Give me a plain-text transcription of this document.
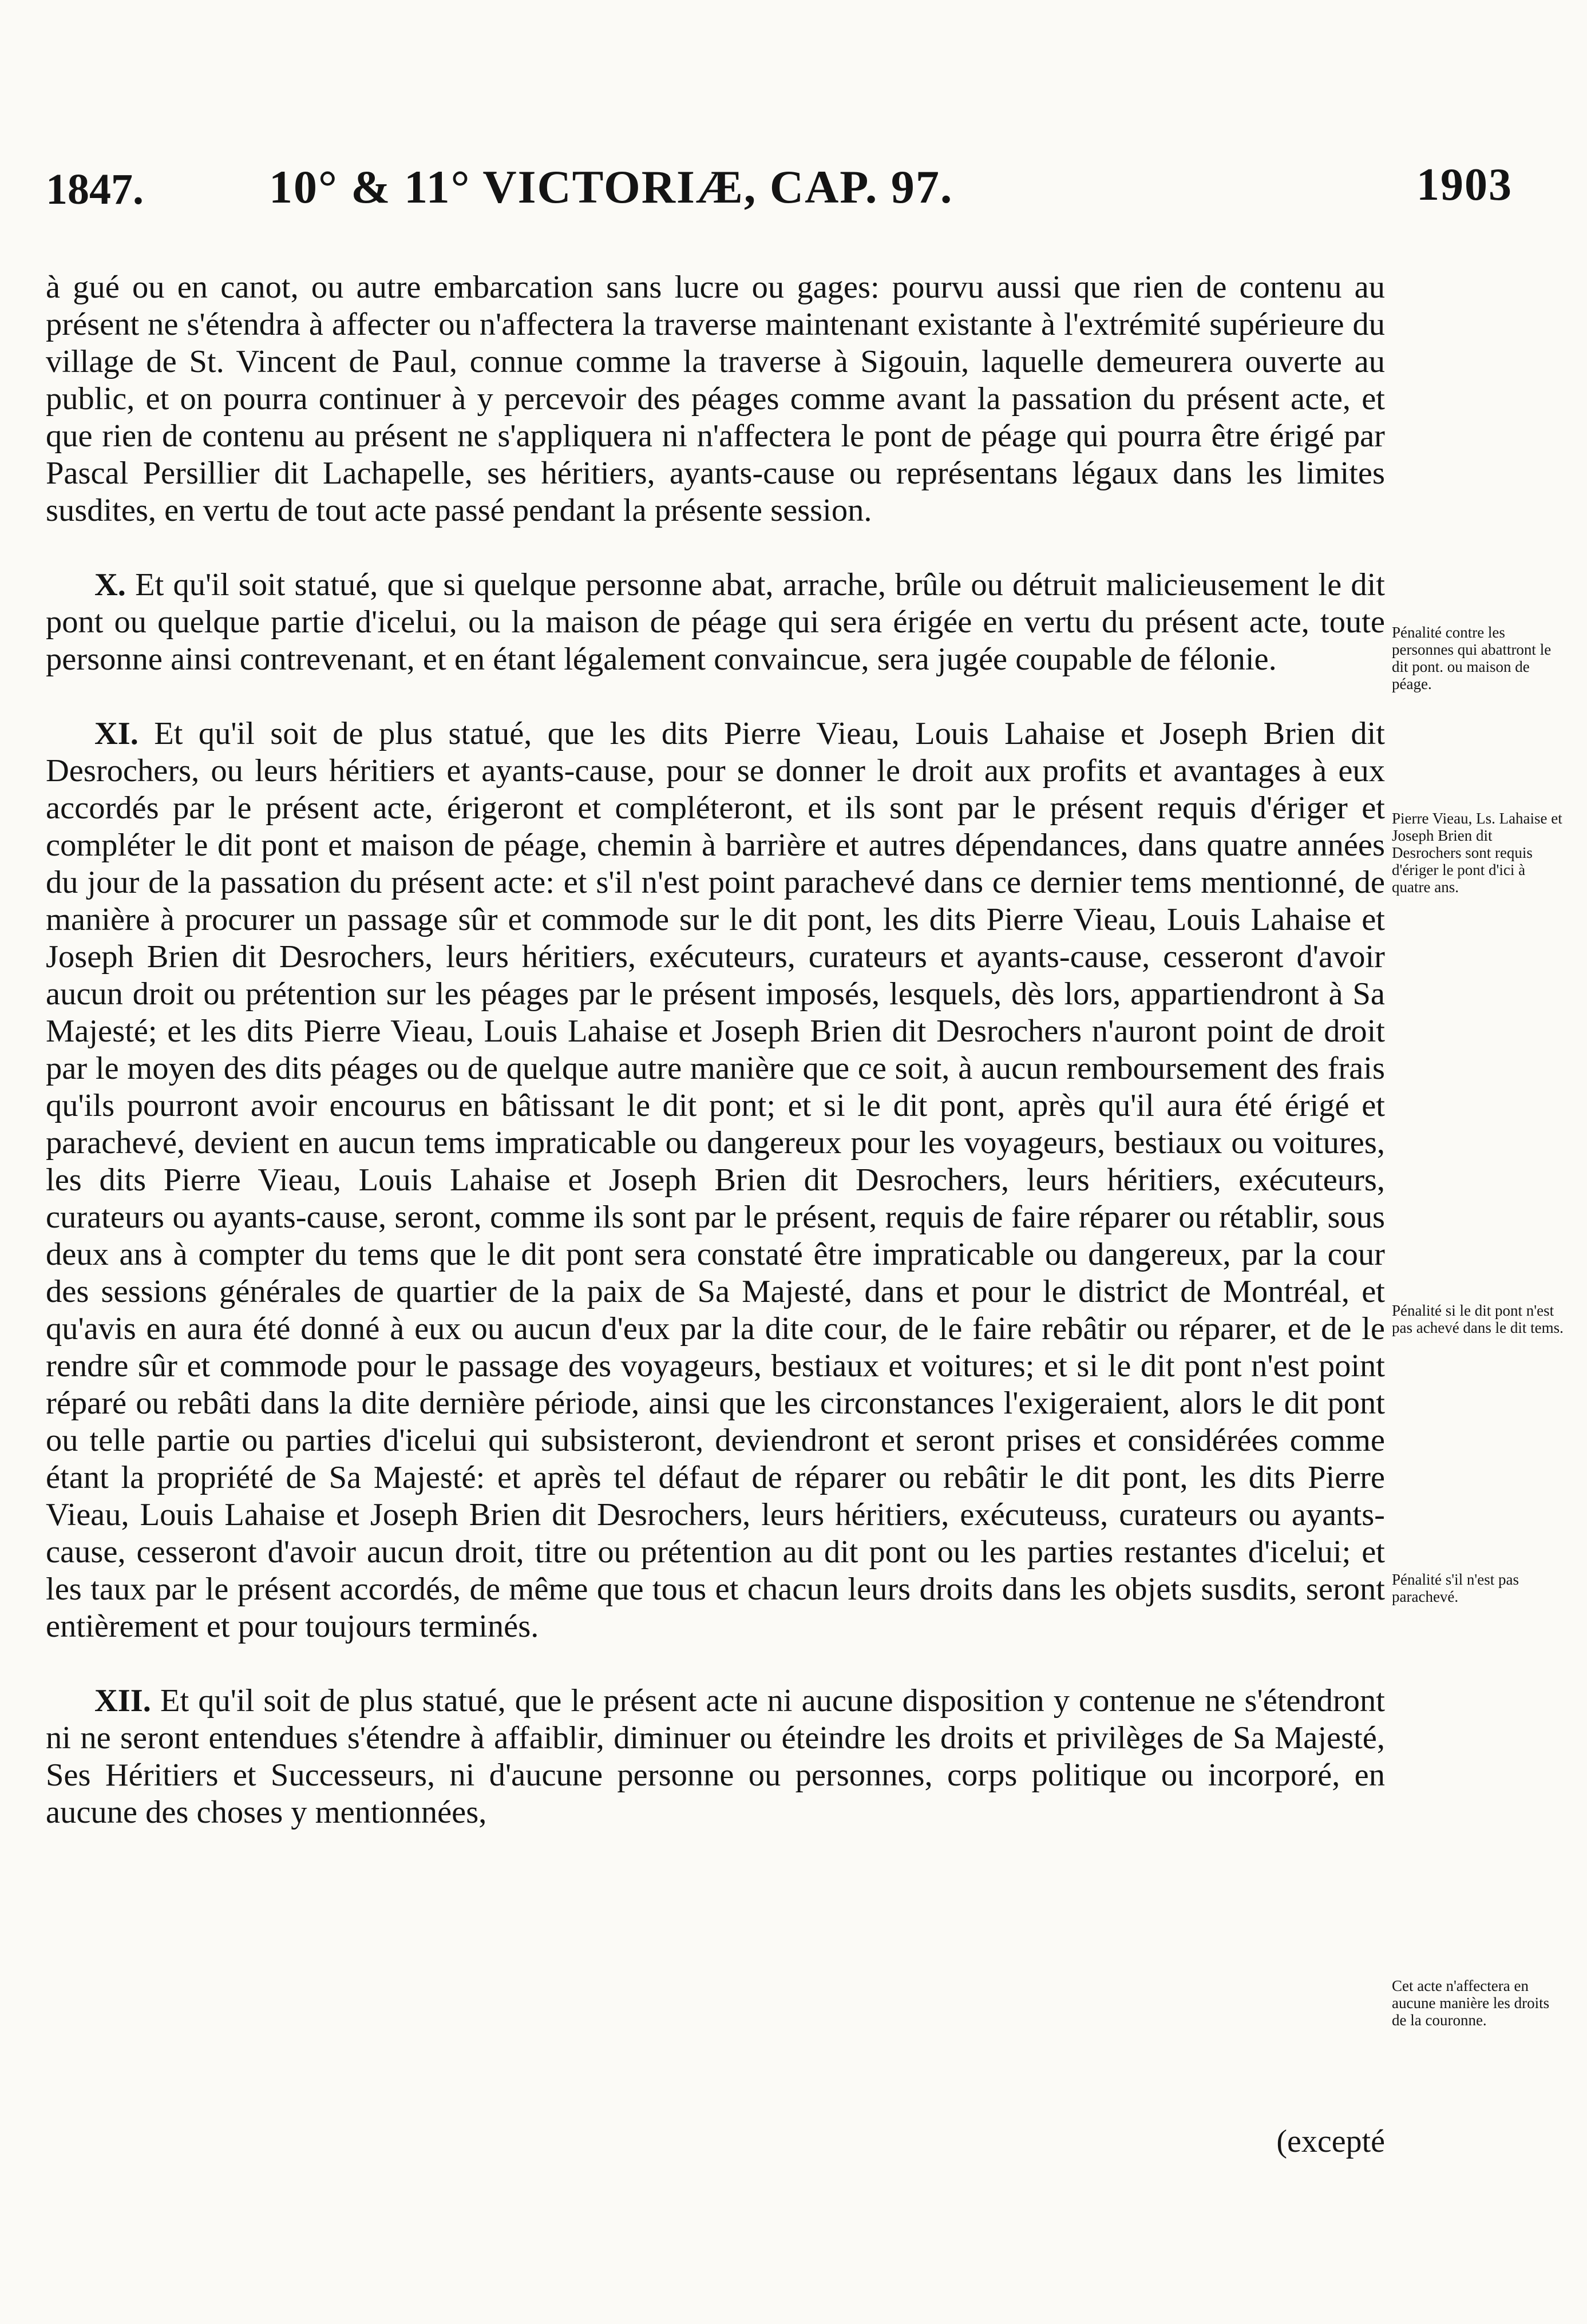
1847.	10° & 11° VICTORIÆ, CAP. 97.	1903

à gué ou en canot, ou autre embarcation sans lucre ou gages: pourvu aussi que rien de contenu au présent ne s'étendra à affecter ou n'affectera la traverse maintenant existante à l'extrémité supérieure du village de St. Vincent de Paul, connue comme la traverse à Sigouin, laquelle demeurera ouverte au public, et on pourra continuer à y percevoir des péages comme avant la passation du présent acte, et que rien de contenu au présent ne s'appliquera ni n'affectera le pont de péage qui pourra être érigé par Pascal Persillier dit Lachapelle, ses héritiers, ayants-cause ou représentans légaux dans les limites susdites, en vertu de tout acte passé pendant la présente session.

X. Et qu'il soit statué, que si quelque personne abat, arrache, brûle ou détruit malicieusement le dit pont ou quelque partie d'icelui, ou la maison de péage qui sera érigée en vertu du présent acte, toute personne ainsi contrevenant, et en étant légalement convaincue, sera jugée coupable de félonie.

XI. Et qu'il soit de plus statué, que les dits Pierre Vieau, Louis Lahaise et Joseph Brien dit Desrochers, ou leurs héritiers et ayants-cause, pour se donner le droit aux profits et avantages à eux accordés par le présent acte, érigeront et compléteront, et ils sont par le présent requis d'ériger et compléter le dit pont et maison de péage, chemin à barrière et autres dépendances, dans quatre années du jour de la passation du présent acte: et s'il n'est point parachevé dans ce dernier tems mentionné, de manière à procurer un passage sûr et commode sur le dit pont, les dits Pierre Vieau, Louis Lahaise et Joseph Brien dit Desrochers, leurs héritiers, exécuteurs, curateurs et ayants-cause, cesseront d'avoir aucun droit ou prétention sur les péages par le présent imposés, lesquels, dès lors, appartiendront à Sa Majesté; et les dits Pierre Vieau, Louis Lahaise et Joseph Brien dit Desrochers n'auront point de droit par le moyen des dits péages ou de quelque autre manière que ce soit, à aucun remboursement des frais qu'ils pourront avoir encourus en bâtissant le dit pont; et si le dit pont, après qu'il aura été érigé et parachevé, devient en aucun tems impraticable ou dangereux pour les voyageurs, bestiaux ou voitures, les dits Pierre Vieau, Louis Lahaise et Joseph Brien dit Desrochers, leurs héritiers, exécuteurs, curateurs ou ayants-cause, seront, comme ils sont par le présent, requis de faire réparer ou rétablir, sous deux ans à compter du tems que le dit pont sera constaté être impraticable ou dangereux, par la cour des sessions générales de quartier de la paix de Sa Majesté, dans et pour le district de Montréal, et qu'avis en aura été donné à eux ou aucun d'eux par la dite cour, de le faire rebâtir ou réparer, et de le rendre sûr et commode pour le passage des voyageurs, bestiaux et voitures; et si le dit pont n'est point réparé ou rebâti dans la dite dernière période, ainsi que les circonstances l'exigeraient, alors le dit pont ou telle partie ou parties d'icelui qui subsisteront, deviendront et seront prises et considérées comme étant la propriété de Sa Majesté: et après tel défaut de réparer ou rebâtir le dit pont, les dits Pierre Vieau, Louis Lahaise et Joseph Brien dit Desrochers, leurs héritiers, exécuteuss, curateurs ou ayants-cause, cesseront d'avoir aucun droit, titre ou prétention au dit pont ou les parties restantes d'icelui; et les taux par le présent accordés, de même que tous et chacun leurs droits dans les objets susdits, seront entièrement et pour toujours terminés.

XII. Et qu'il soit de plus statué, que le présent acte ni aucune disposition y contenue ne s'étendront ni ne seront entendues s'étendre à affaiblir, diminuer ou éteindre les droits et privilèges de Sa Majesté, Ses Héritiers et Successeurs, ni d'aucune personne ou personnes, corps politique ou incorporé, en aucune des choses y mentionnées,

(excepté
Pénalité contre les personnes qui abattront le dit pont. ou maison de péage.
Pierre Vieau, Ls. Lahaise et Joseph Brien dit Desrochers sont requis d'ériger le pont d'ici à quatre ans.
Pénalité si le dit pont n'est pas achevé dans le dit tems.
Pénalité s'il n'est pas parachevé.
Cet acte n'affectera en aucune manière les droits de la couronne.
